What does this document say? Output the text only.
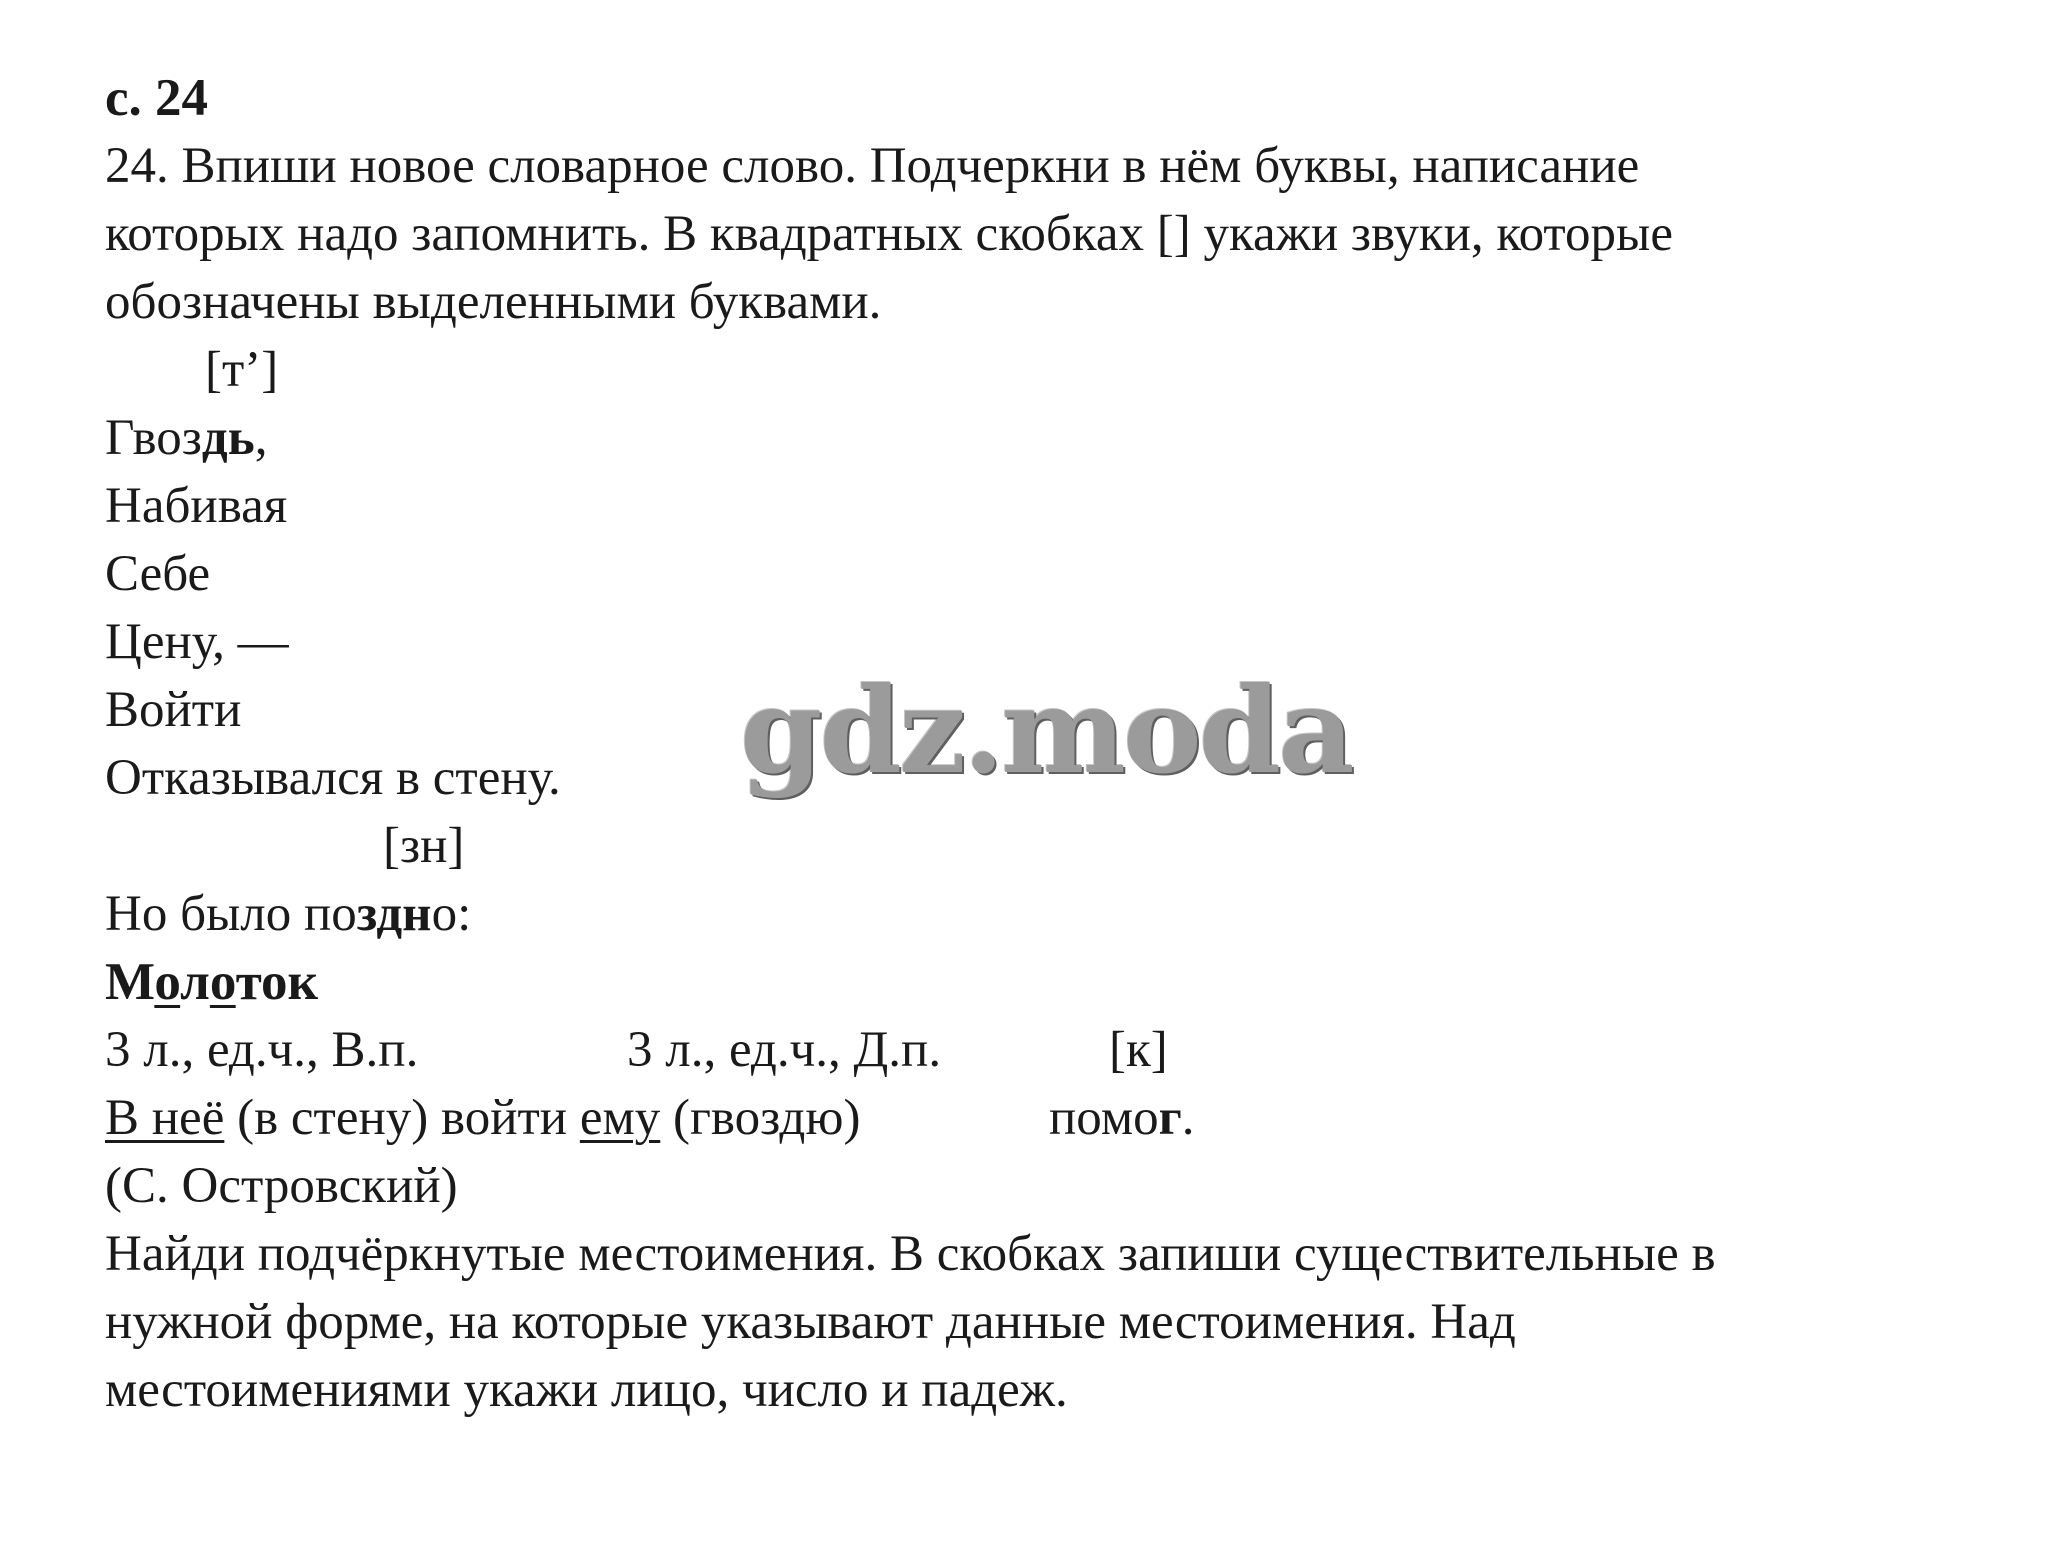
с. 24
24. Впиши новое словарное слово. Подчеркни в нём буквы, написание
которых надо запомнить. В квадратных скобках [] укажи звуки, которые
обозначены выделенными буквами.
[т’]
Гвоздь,
Набивая
Себе
Цену, —
Войти
Отказывался в стену.
[зн]
Но было поздно:
Молоток
3 л., ед.ч., В.п.	3 л., ед.ч., Д.п.	[к]
В неё (в стену) войти ему (гвоздю)	помог.
(С. Островский)
Найди подчёркнутые местоимения. В скобках запиши существительные в
нужной форме, на которые указывают данные местоимения. Над
местоимениями укажи лицо, число и падеж.
gdz.moda
